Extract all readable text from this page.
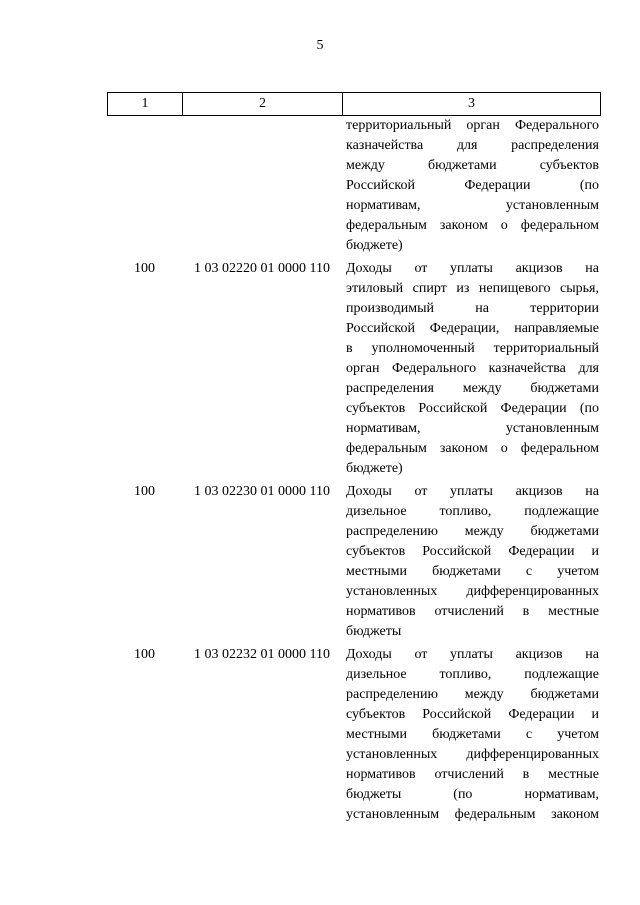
5
1	2	3
территориальный орган Федерального
казначейства для распределения
между бюджетами субъектов
Российской Федерации (по
нормативам, установленным
федеральным законом о федеральном
бюджете)
100	1 03 02220 01 0000 110	Доходы от уплаты акцизов на
этиловый спирт из непищевого сырья,
производимый на территории
Российской Федерации, направляемые
в уполномоченный территориальный
орган Федерального казначейства для
распределения между бюджетами
субъектов Российской Федерации (по
нормативам, установленным
федеральным законом о федеральном
бюджете)
100	1 03 02230 01 0000 110	Доходы от уплаты акцизов на
дизельное топливо, подлежащие
распределению между бюджетами
субъектов Российской Федерации и
местными бюджетами с учетом
установленных дифференцированных
нормативов отчислений в местные
бюджеты
100	1 03 02232 01 0000 110	Доходы от уплаты акцизов на
дизельное топливо, подлежащие
распределению между бюджетами
субъектов Российской Федерации и
местными бюджетами с учетом
установленных дифференцированных
нормативов отчислений в местные
бюджеты (по нормативам,
установленным федеральным законом
